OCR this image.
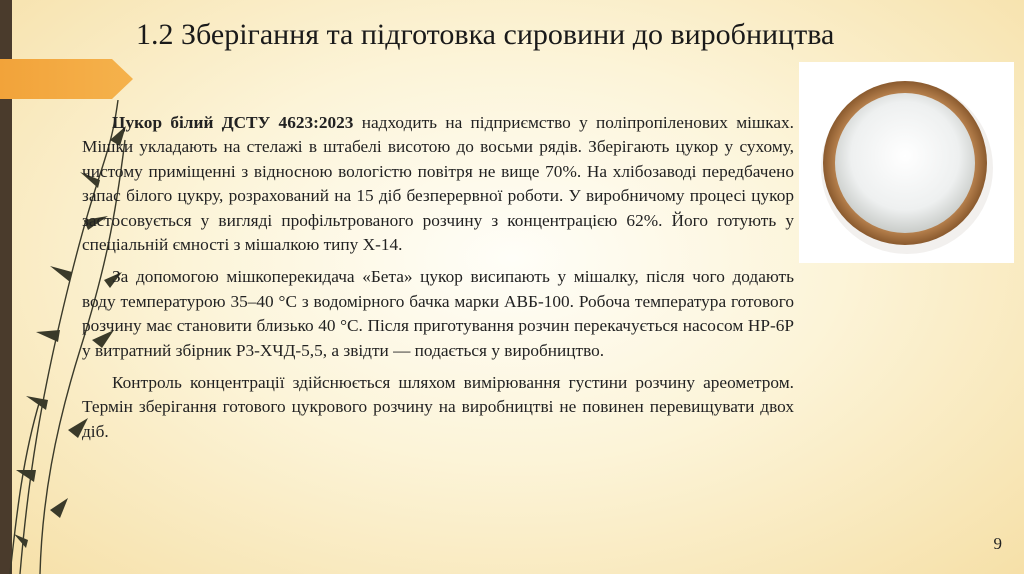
1.2 Зберігання та підготовка сировини до виробництва

Цукор білий ДСТУ 4623:2023 надходить на підприємство у поліпропіленових мішках. Мішки укладають на стелажі в штабелі висотою до восьми рядів. Зберігають цукор у сухому, чистому приміщенні з відносною вологістю повітря не вище 70%. На хлібозаводі передбачено запас білого цукру, розрахований на 15 діб безперервної роботи. У виробничому процесі цукор застосовується у вигляді профільтрованого розчину з концентрацією 62%. Його готують у спеціальній ємності з мішалкою типу Х-14.

За допомогою мішкоперекидача «Бета» цукор висипають у мішалку, після чого додають воду температурою 35–40 °С з водомірного бачка марки АВБ-100. Робоча температура готового розчину має становити близько 40 °С. Після приготування розчин перекачується насосом НР-6Р у витратний збірник Р3-ХЧД-5,5, а звідти — подається у виробництво.

Контроль концентрації здійснюється шляхом вимірювання густини розчину ареометром. Термін зберігання готового цукрового розчину на виробництві не повинен перевищувати двох діб.

9
